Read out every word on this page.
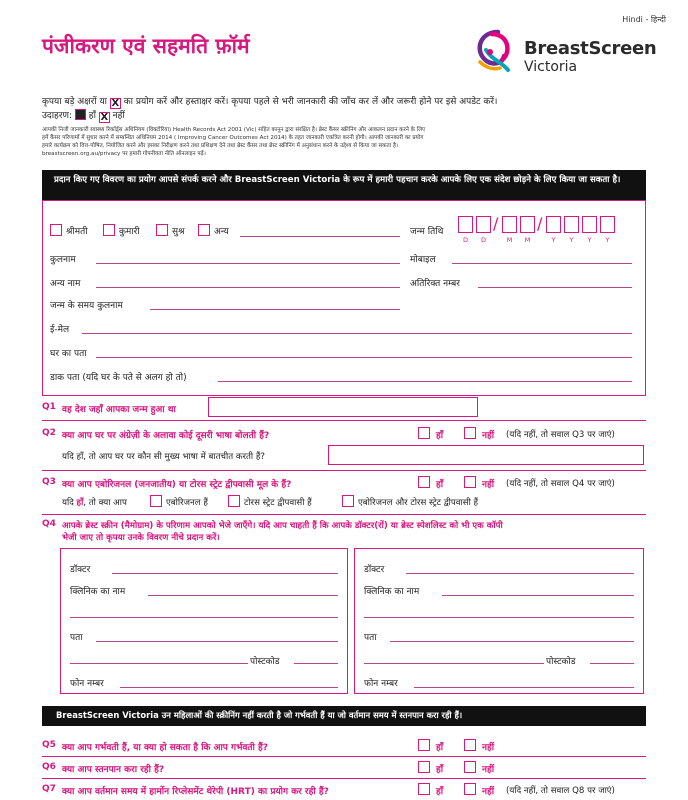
Hindi - हिन्दी
पंजीकरण एवं सहमति फ़ॉर्म	BreastScreen
Victoria
कृपया बड़े अक्षरों या X का प्रयोग करें और हस्ताक्षर करें। कृपया पहले से भरी जानकारी की जाँच कर लें और जरूरी होने पर इसे अपडेट करें।
उदाहरण: हाँ X नहीं
आपकी निजी जानकारी स्वास्थ्य रिकॉर्ड्स अधिनियम (विक्टोरिया) Health Records Act 2001 (Vic) सहित कानून द्वारा संरक्षित है। ब्रेस्ट कैंसर स्क्रीनिंग और आकलन प्रदान करने के लिए
हमें कैंसर परिणामों में सुधार करने में सम्बन्धित अधिनियम 2014 ( Improving Cancer Outcomes Act 2014) के तहत जानकारी एकत्रित करनी होगी। आपकी जानकारी का प्रयोग
हमारे कार्यक्रम को वित्त-पोषित, नियोजित करने और इसका निरीक्षण करने तथा प्रशिक्षण देने तथा ब्रेस्ट कैंसर तथा ब्रेस्ट स्क्रीनिंग में अनुसंधान करने के उद्देश्य से किया जा सकता है।
breastscreen.org.au/privacy पर हमारी गोपनीयता नीति ऑनलाइन पढ़ें।
प्रदान किए गए विवरण का प्रयोग आपसे संपर्क करने और BreastScreen Victoria के रूप में हमारी पहचान करके आपके लिए एक संदेश छोड़ने के लिए किया जा सकता है।
श्रीमती	कुमारी	सुश्र	अन्य	जन्म तिथि	/ /
D	D	M	M	Y	Y	Y	Y
कुलनाम	मोबाइल
अन्य नाम	अतिरिक्त नम्बर
जन्म के समय कुलनाम
ई-मेल
घर का पता
डाक पता (यदि घर के पते से अलग हो तो)
Q1 वह देश जहाँ आपका जन्म हुआ था
Q2 क्या आप घर पर अंग्रेज़ी के अलावा कोई दूसरी भाषा बोलती हैं?	हाँ	नहीं (यदि नहीं, तो सवाल Q3 पर जाएं)
यदि हाँ, तो आप घर पर कौन सी मुख्य भाषा में बातचीत करती हैं?
Q3 क्या आप एबोरिजनल (जनजातीय) या टोरस स्ट्रेट द्वीपवासी मूल के हैं?	हाँ	नहीं (यदि नहीं, तो सवाल Q4 पर जाएं)
यदि हाँ, तो क्या आप	एबोरिजनल हैं	टोरस स्ट्रेट द्वीपवासी हैं	एबोरिजनल और टोरस स्ट्रेट द्वीपवासी हैं
Q4 आपके ब्रेस्ट स्क्रीन (मैमोग्राम) के परिणाम आपको भेजे जाएँगे। यदि आप चाहती हैं कि आपके डॉक्टर(रों) या ब्रेस्ट स्पेशलिस्ट को भी एक कॉपी
भेजी जाए तो कृपया उनके विवरण नीचे प्रदान करें।
डॉक्टर
क्लिनिक का नाम
पता
पोस्टकोड
फोन नम्बर
डॉक्टर
क्लिनिक का नाम
पता
पोस्टकोड
फोन नम्बर
BreastScreen Victoria उन महिलाओं की स्क्रीनिंग नहीं करती है जो गर्भवती हैं या जो वर्तमान समय में स्तनपान करा रही हैं।
Q5 क्या आप गर्भवती हैं, या क्या हो सकता है कि आप गर्भवती हैं?	हाँ	नहीं
Q6 क्या आप स्तनपान करा रही हैं?	हाँ	नहीं
Q7 क्या आप वर्तमान समय में हार्मोन रिप्लेसमेंट थेरेपी (HRT) का प्रयोग कर रही हैं?	हाँ	नहीं (यदि नहीं, तो सवाल Q8 पर जाएं)
